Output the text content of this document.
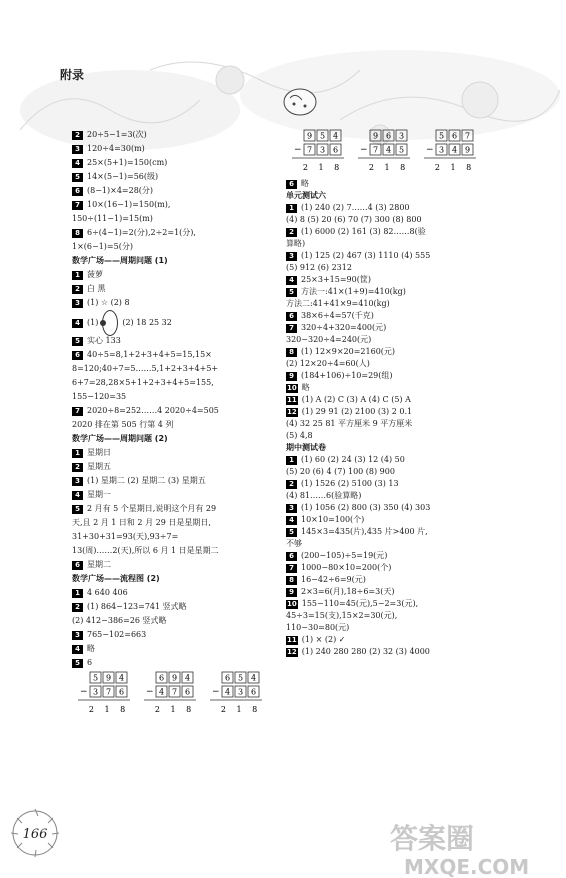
附录
2 20÷5−1=3(次)
3 120÷4=30(m)
4 25×(5+1)=150(cm)
5 14×(5−1)=56(级)
6 (8−1)×4=28(分)
7 10×(16−1)=150(m),
150÷(11−1)=15(m)
8 6÷(4−1)=2(分),2÷2=1(分),
1×(6−1)=5(分)
数学广场——周期问题 (1)
1 菠萝
2 白 黑
3 (1) ☆ (2) 8
4 (1)	(2) 18 25 32
5 实心 133
6 40÷5=8,1+2+3+4+5=15,15×
8=120;40÷7=5……5,1+2+3+4+5+
6+7=28,28×5+1+2+3+4+5=155,
155−120=35
7 2020÷8=252……4 2020÷4=505
2020 排在第 505 行第 4 列
数学广场——周期问题 (2)
1 星期日
2 星期五
3 (1) 星期二 (2) 星期二 (3) 星期五
4 星期一
5 2 月有 5 个星期日,说明这个月有 29
天,且 2 月 1 日和 2 月 29 日是星期日,
31+30+31=93(天),93÷7=
13(周)……2(天),所以 6 月 1 日是星期二
6 星期二
数学广场——流程图 (2)
1 4 640 406
2 (1) 864−123=741 竖式略
(2) 412−386=26 竖式略
3 765−102=663
4 略
5 6
5 9 4
− 3 7 6
2 1 8
6 9 4
− 4 7 6
2 1 8
6 5 4
− 4 3 6
2 1 8
9 5 4
− 7 3 6
2 1 8
9 6 3
− 7 4 5
2 1 8
5 6 7
− 3 4 9
2 1 8
6 略
单元测试六
1 (1) 240 (2) 7……4 (3) 2800
(4) 8 (5) 20 (6) 70 (7) 300 (8) 800
2 (1) 6000 (2) 161 (3) 82……8(验
算略)
3 (1) 125 (2) 467 (3) 1110 (4) 555
(5) 912 (6) 2312
4 25×3+15=90(筐)
5 方法一:41×(1+9)=410(kg)
方法二:41+41×9=410(kg)
6 38×6÷4=57(千克)
7 320÷4+320=400(元)
320−320÷4=240(元)
8 (1) 12×9×20=2160(元)
(2) 12×20÷4=60(人)
9 (184+106)÷10=29(组)
10 略
11 (1) A (2) C (3) A (4) C (5) A
12 (1) 29 91 (2) 2100 (3) 2 0.1
(4) 32 25 81 平方厘米 9 平方厘米
(5) 4,8
期中测试卷
1 (1) 60 (2) 24 (3) 12 (4) 50
(5) 20 (6) 4 (7) 100 (8) 900
2 (1) 1526 (2) 5100 (3) 13
(4) 81……6(验算略)
3 (1) 1056 (2) 800 (3) 350 (4) 303
4 10×10=100(个)
5 145×3=435(片),435 片>400 片,
不够
6 (200−105)÷5=19(元)
7 1000−80×10=200(个)
8 16−42÷6=9(元)
9 2×3=6(月),18÷6=3(天)
10 155−110=45(元),5−2=3(元),
45÷3=15(支),15×2=30(元),
110−30=80(元)
11 (1) × (2) ✓
12 (1) 240 280 280 (2) 32 (3) 4000
166	答案圈
MXQE.COM
